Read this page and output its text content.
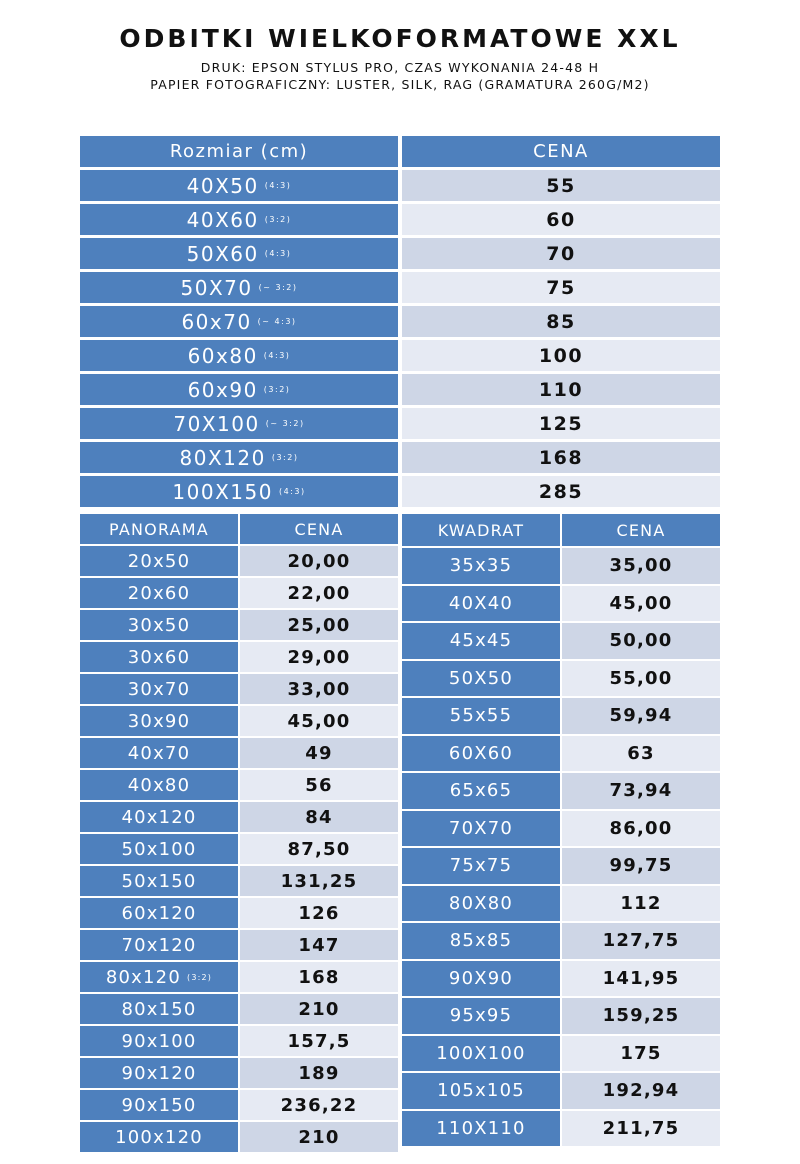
ODBITKI WIELKOFORMATOWE XXL
DRUK: EPSON STYLUS PRO, CZAS WYKONANIA 24-48 H
PAPIER FOTOGRAFICZNY: LUSTER, SILK, RAG (GRAMATURA 260G/M2)
Rozmiar (cm)	CENA
40X50 (4:3)	55
40X60 (3:2)	60
50X60 (4:3)	70
50X70 (~ 3:2)	75
60x70 (~ 4:3)	85
60x80 (4:3)	100
60x90 (3:2)	110
70X100 (~ 3:2)	125
80X120 (3:2)	168
100X150 (4:3)	285
PANORAMA	CENA
20x50	20,00
20x60	22,00
30x50	25,00
30x60	29,00
30x70	33,00
30x90	45,00
40x70	49
40x80	56
40x120	84
50x100	87,50
50x150	131,25
60x120	126
70x120	147
80x120 (3:2)	168
80x150	210
90x100	157,5
90x120	189
90x150	236,22
100x120	210
KWADRAT	CENA
35x35	35,00
40X40	45,00
45x45	50,00
50X50	55,00
55x55	59,94
60X60	63
65x65	73,94
70X70	86,00
75x75	99,75
80X80	112
85x85	127,75
90X90	141,95
95x95	159,25
100X100	175
105x105	192,94
110X110	211,75
